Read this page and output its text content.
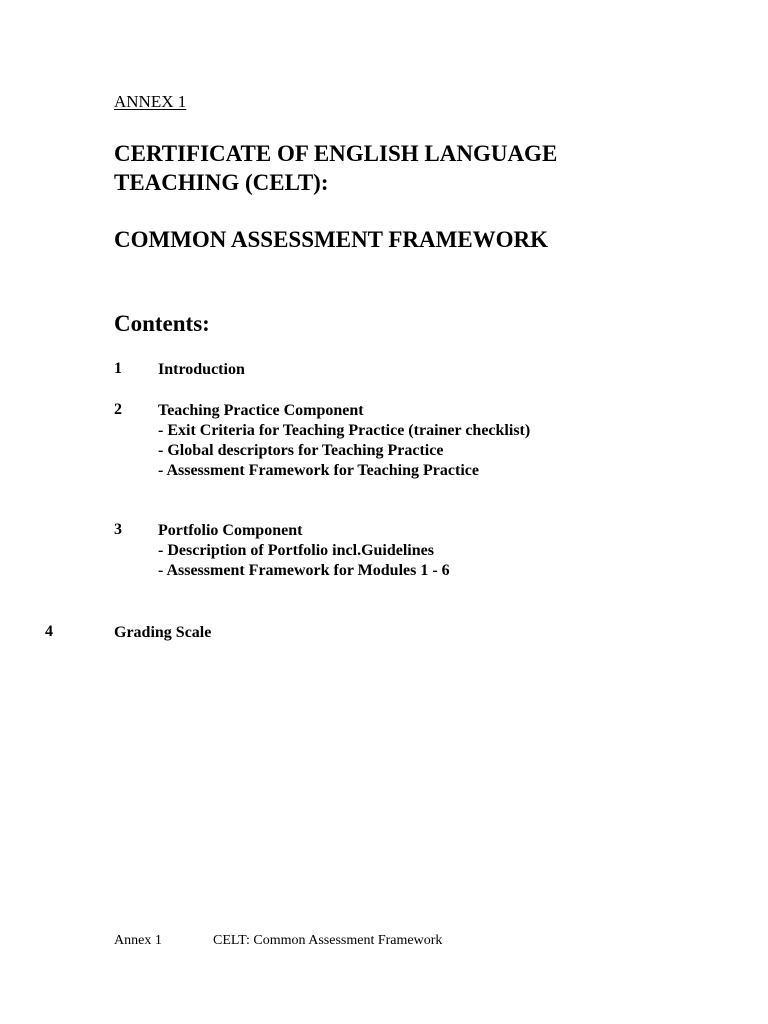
ANNEX 1
CERTIFICATE OF ENGLISH LANGUAGE
TEACHING (CELT):
COMMON ASSESSMENT FRAMEWORK
Contents:
1 Introduction
2 Teaching Practice Component
- Exit Criteria for Teaching Practice (trainer checklist)
- Global descriptors for Teaching Practice
- Assessment Framework for Teaching Practice
3 Portfolio Component
- Description of Portfolio incl.Guidelines
- Assessment Framework for Modules 1 - 6
4	Grading Scale
Annex 1	CELT: Common Assessment Framework
